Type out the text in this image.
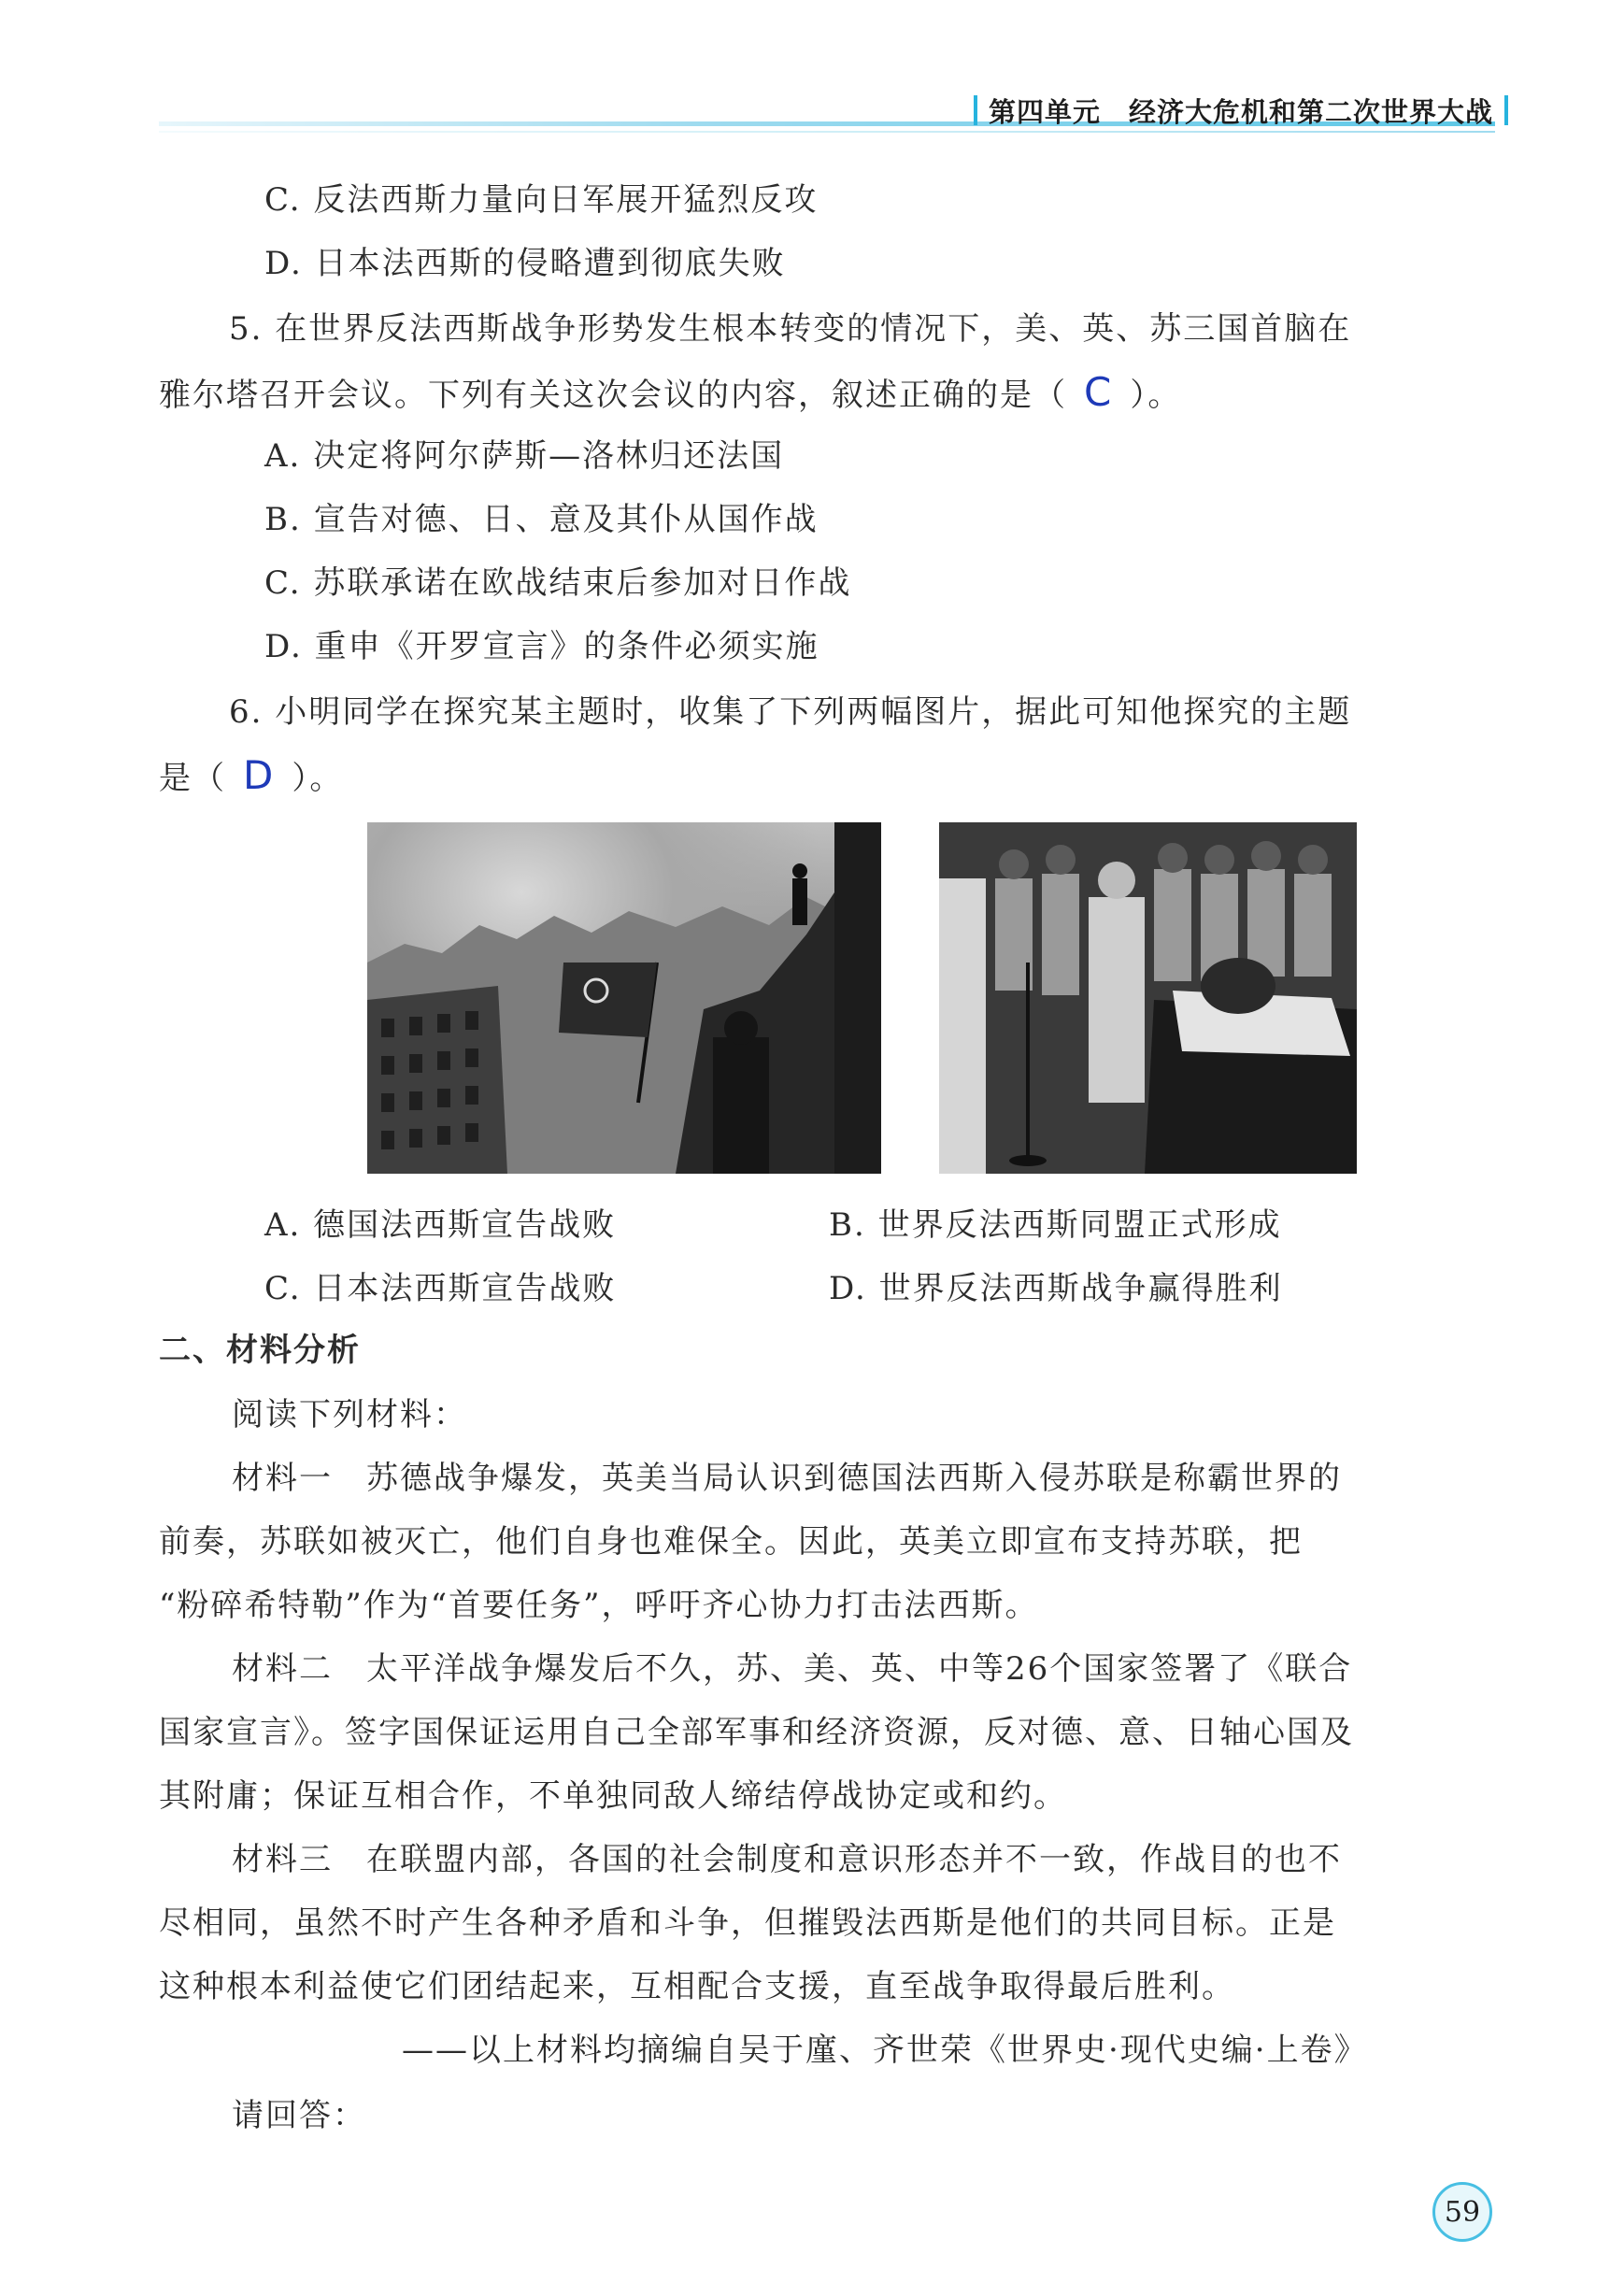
第四单元　经济大危机和第二次世界大战
C. 反法西斯力量向日军展开猛烈反攻
D. 日本法西斯的侵略遭到彻底失败
5. 在世界反法西斯战争形势发生根本转变的情况下，美、英、苏三国首脑在
雅尔塔召开会议。下列有关这次会议的内容，叙述正确的是（ C ）。
A. 决定将阿尔萨斯—洛林归还法国
B. 宣告对德、日、意及其仆从国作战
C. 苏联承诺在欧战结束后参加对日作战
D. 重申《开罗宣言》的条件必须实施
6. 小明同学在探究某主题时，收集了下列两幅图片，据此可知他探究的主题
是（ D ）。
A. 德国法西斯宣告战败	B. 世界反法西斯同盟正式形成
C. 日本法西斯宣告战败	D. 世界反法西斯战争赢得胜利
二、材料分析
阅读下列材料：
材料一　苏德战争爆发，英美当局认识到德国法西斯入侵苏联是称霸世界的
前奏，苏联如被灭亡，他们自身也难保全。因此，英美立即宣布支持苏联，把
“粉碎希特勒”作为“首要任务”，呼吁齐心协力打击法西斯。
材料二　太平洋战争爆发后不久，苏、美、英、中等26个国家签署了《联合
国家宣言》。签字国保证运用自己全部军事和经济资源，反对德、意、日轴心国及
其附庸；保证互相合作，不单独同敌人缔结停战协定或和约。
材料三　在联盟内部，各国的社会制度和意识形态并不一致，作战目的也不
尽相同，虽然不时产生各种矛盾和斗争，但摧毁法西斯是他们的共同目标。正是
这种根本利益使它们团结起来，互相配合支援，直至战争取得最后胜利。
——以上材料均摘编自吴于廑、齐世荣《世界史·现代史编·上卷》
请回答：
59
